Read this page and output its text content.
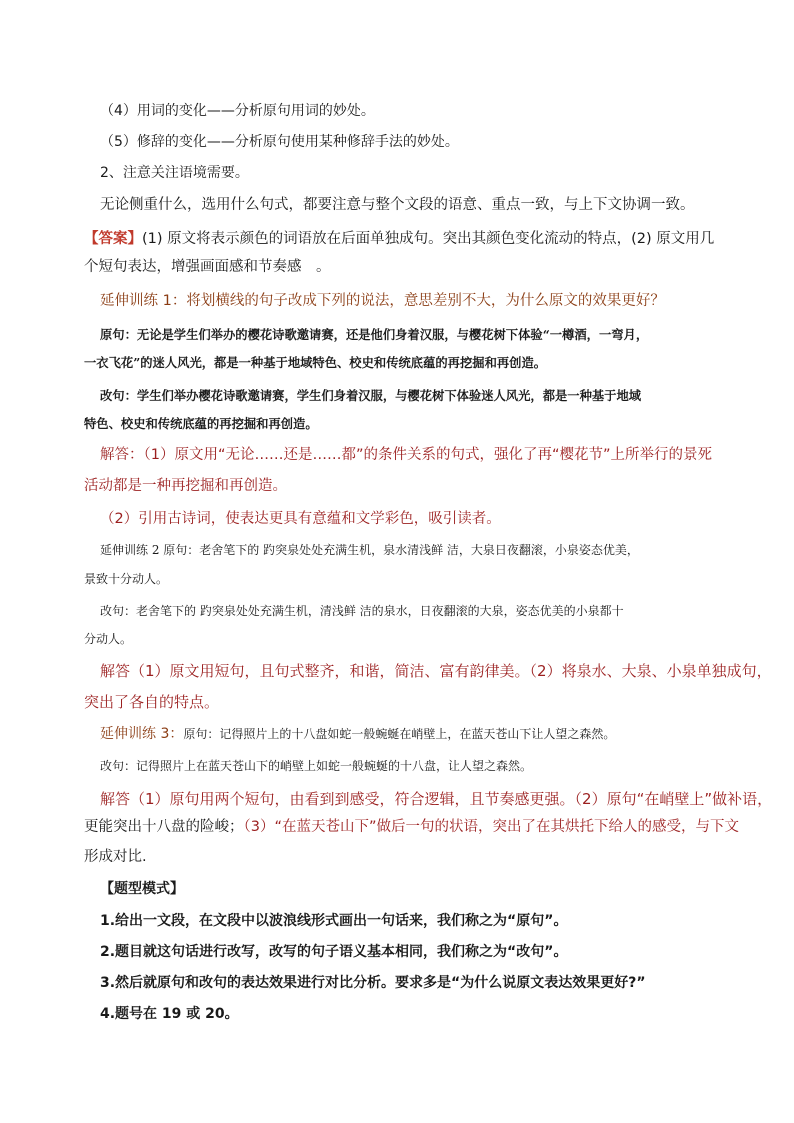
（4）用词的变化——分析原句用词的妙处。
（5）修辞的变化——分析原句使用某种修辞手法的妙处。
2、注意关注语境需要。
无论侧重什么，选用什么句式，都要注意与整个文段的语意、重点一致，与上下文协调一致。
【答案】(1) 原文将表示颜色的词语放在后面单独成句。突出其颜色变化流动的特点，(2) 原文用几
个短句表达，增强画面感和节奏感　。
延伸训练 1：将划横线的句子改成下列的说法，意思差别不大，为什么原文的效果更好？
原句：无论是学生们举办的樱花诗歌邀请赛，还是他们身着汉服，与樱花树下体验“一樽酒，一弯月，
一衣飞花”的迷人风光，都是一种基于地域特色、校史和传统底蕴的再挖掘和再创造。
改句：学生们举办樱花诗歌邀请赛，学生们身着汉服，与樱花树下体验迷人风光，都是一种基于地域
特色、校史和传统底蕴的再挖掘和再创造。
解答：（1）原文用“无论……还是……都”的条件关系的句式，强化了再“樱花节”上所举行的景死
活动都是一种再挖掘和再创造。
（2）引用古诗词，使表达更具有意蕴和文学彩色，吸引读者。
延伸训练 2 原句：老舍笔下的 趵突泉处处充满生机，泉水清浅鲜 洁，大泉日夜翻滚，小泉姿态优美，
景致十分动人。
改句：老舍笔下的 趵突泉处处充满生机，清浅鲜 洁的泉水，日夜翻滚的大泉，姿态优美的小泉都十
分动人。
解答（1）原文用短句，且句式整齐，和谐，简洁、富有韵律美。（2）将泉水、大泉、小泉单独成句，
突出了各自的特点。
延伸训练 3：原句：记得照片上的十八盘如蛇一般蜿蜒在峭壁上，在蓝天苍山下让人望之森然。
改句：记得照片上在蓝天苍山下的峭壁上如蛇一般蜿蜒的十八盘，让人望之森然。
解答（1）原句用两个短句，由看到到感受，符合逻辑，且节奏感更强。（2）原句“在峭壁上”做补语，
更能突出十八盘的险峻；（3）“在蓝天苍山下”做后一句的状语，突出了在其烘托下给人的感受，与下文
形成对比.
【题型模式】
1.给出一文段，在文段中以波浪线形式画出一句话来，我们称之为“原句”。
2.题目就这句话进行改写，改写的句子语义基本相同，我们称之为“改句”。
3.然后就原句和改句的表达效果进行对比分析。要求多是“为什么说原文表达效果更好?”
4.题号在 19 或 20。
